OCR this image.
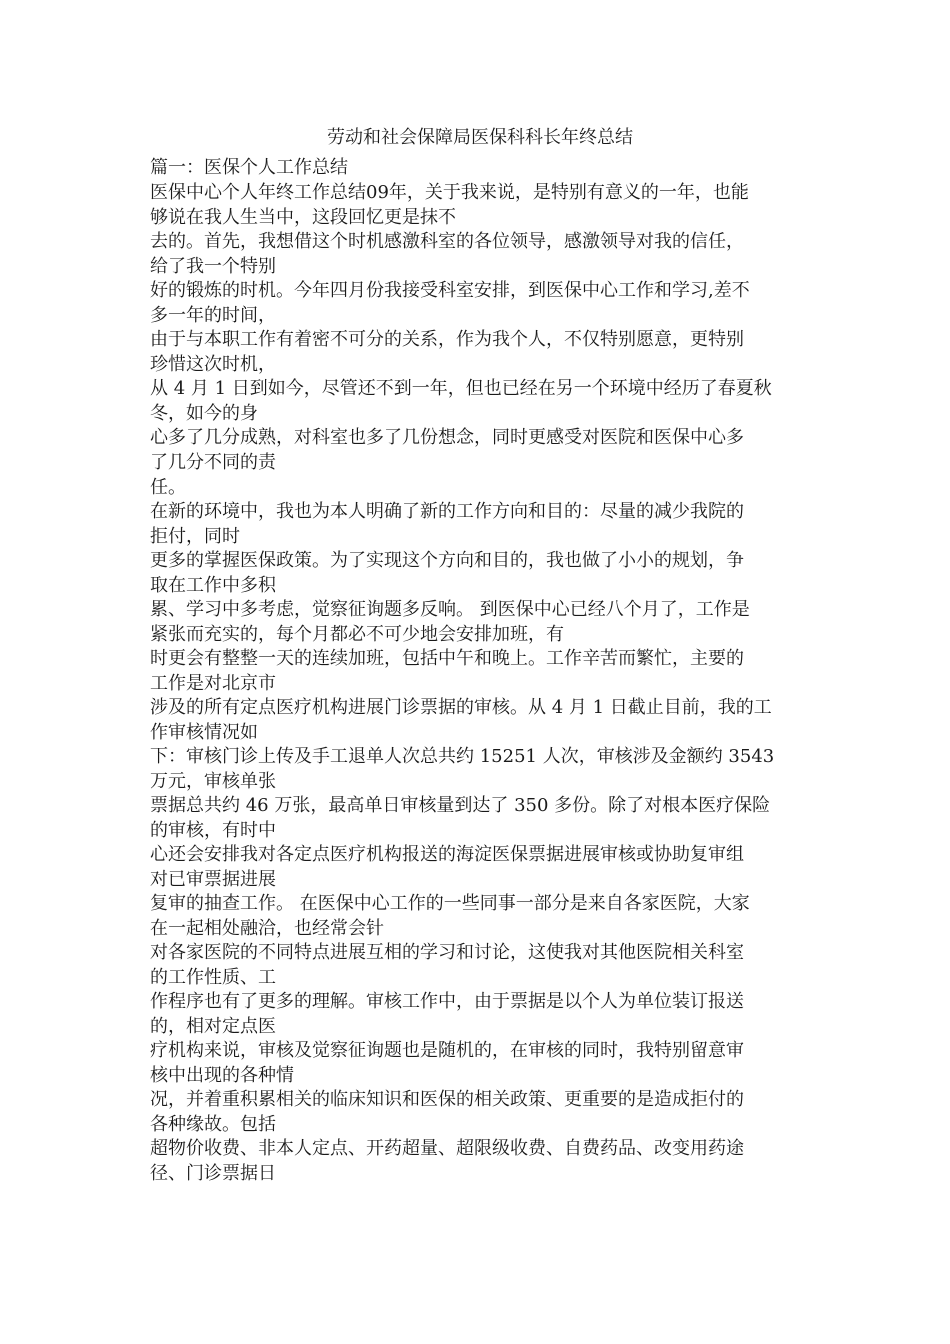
劳动和社会保障局医保科科长年终总结
篇一：医保个人工作总结
医保中心个人年终工作总结09年，关于我来说，是特别有意义的一年，也能
够说在我人生当中，这段回忆更是抹不
去的。首先，我想借这个时机感激科室的各位领导，感激领导对我的信任，
给了我一个特别
好的锻炼的时机。今年四月份我接受科室安排，到医保中心工作和学习,差不
多一年的时间，
由于与本职工作有着密不可分的关系，作为我个人，不仅特别愿意，更特别
珍惜这次时机，
从 4 月 1 日到如今，尽管还不到一年，但也已经在另一个环境中经历了春夏秋
冬，如今的身
心多了几分成熟，对科室也多了几份想念，同时更感受对医院和医保中心多
了几分不同的责
任。
在新的环境中，我也为本人明确了新的工作方向和目的：尽量的减少我院的
拒付，同时
更多的掌握医保政策。为了实现这个方向和目的，我也做了小小的规划，争
取在工作中多积
累、学习中多考虑，觉察征询题多反响。 到医保中心已经八个月了，工作是
紧张而充实的，每个月都必不可少地会安排加班，有
时更会有整整一天的连续加班，包括中午和晚上。工作辛苦而繁忙，主要的
工作是对北京市
涉及的所有定点医疗机构进展门诊票据的审核。从 4 月 1 日截止目前，我的工
作审核情况如
下：审核门诊上传及手工退单人次总共约 15251 人次，审核涉及金额约 3543
万元，审核单张
票据总共约 46 万张，最高单日审核量到达了 350 多份。除了对根本医疗保险
的审核，有时中
心还会安排我对各定点医疗机构报送的海淀医保票据进展审核或协助复审组
对已审票据进展
复审的抽查工作。 在医保中心工作的一些同事一部分是来自各家医院，大家
在一起相处融洽，也经常会针
对各家医院的不同特点进展互相的学习和讨论，这使我对其他医院相关科室
的工作性质、工
作程序也有了更多的理解。审核工作中，由于票据是以个人为单位装订报送
的，相对定点医
疗机构来说，审核及觉察征询题也是随机的，在审核的同时，我特别留意审
核中出现的各种情
况，并着重积累相关的临床知识和医保的相关政策、更重要的是造成拒付的
各种缘故。包括
超物价收费、非本人定点、开药超量、超限级收费、自费药品、改变用药途
径、门诊票据日
